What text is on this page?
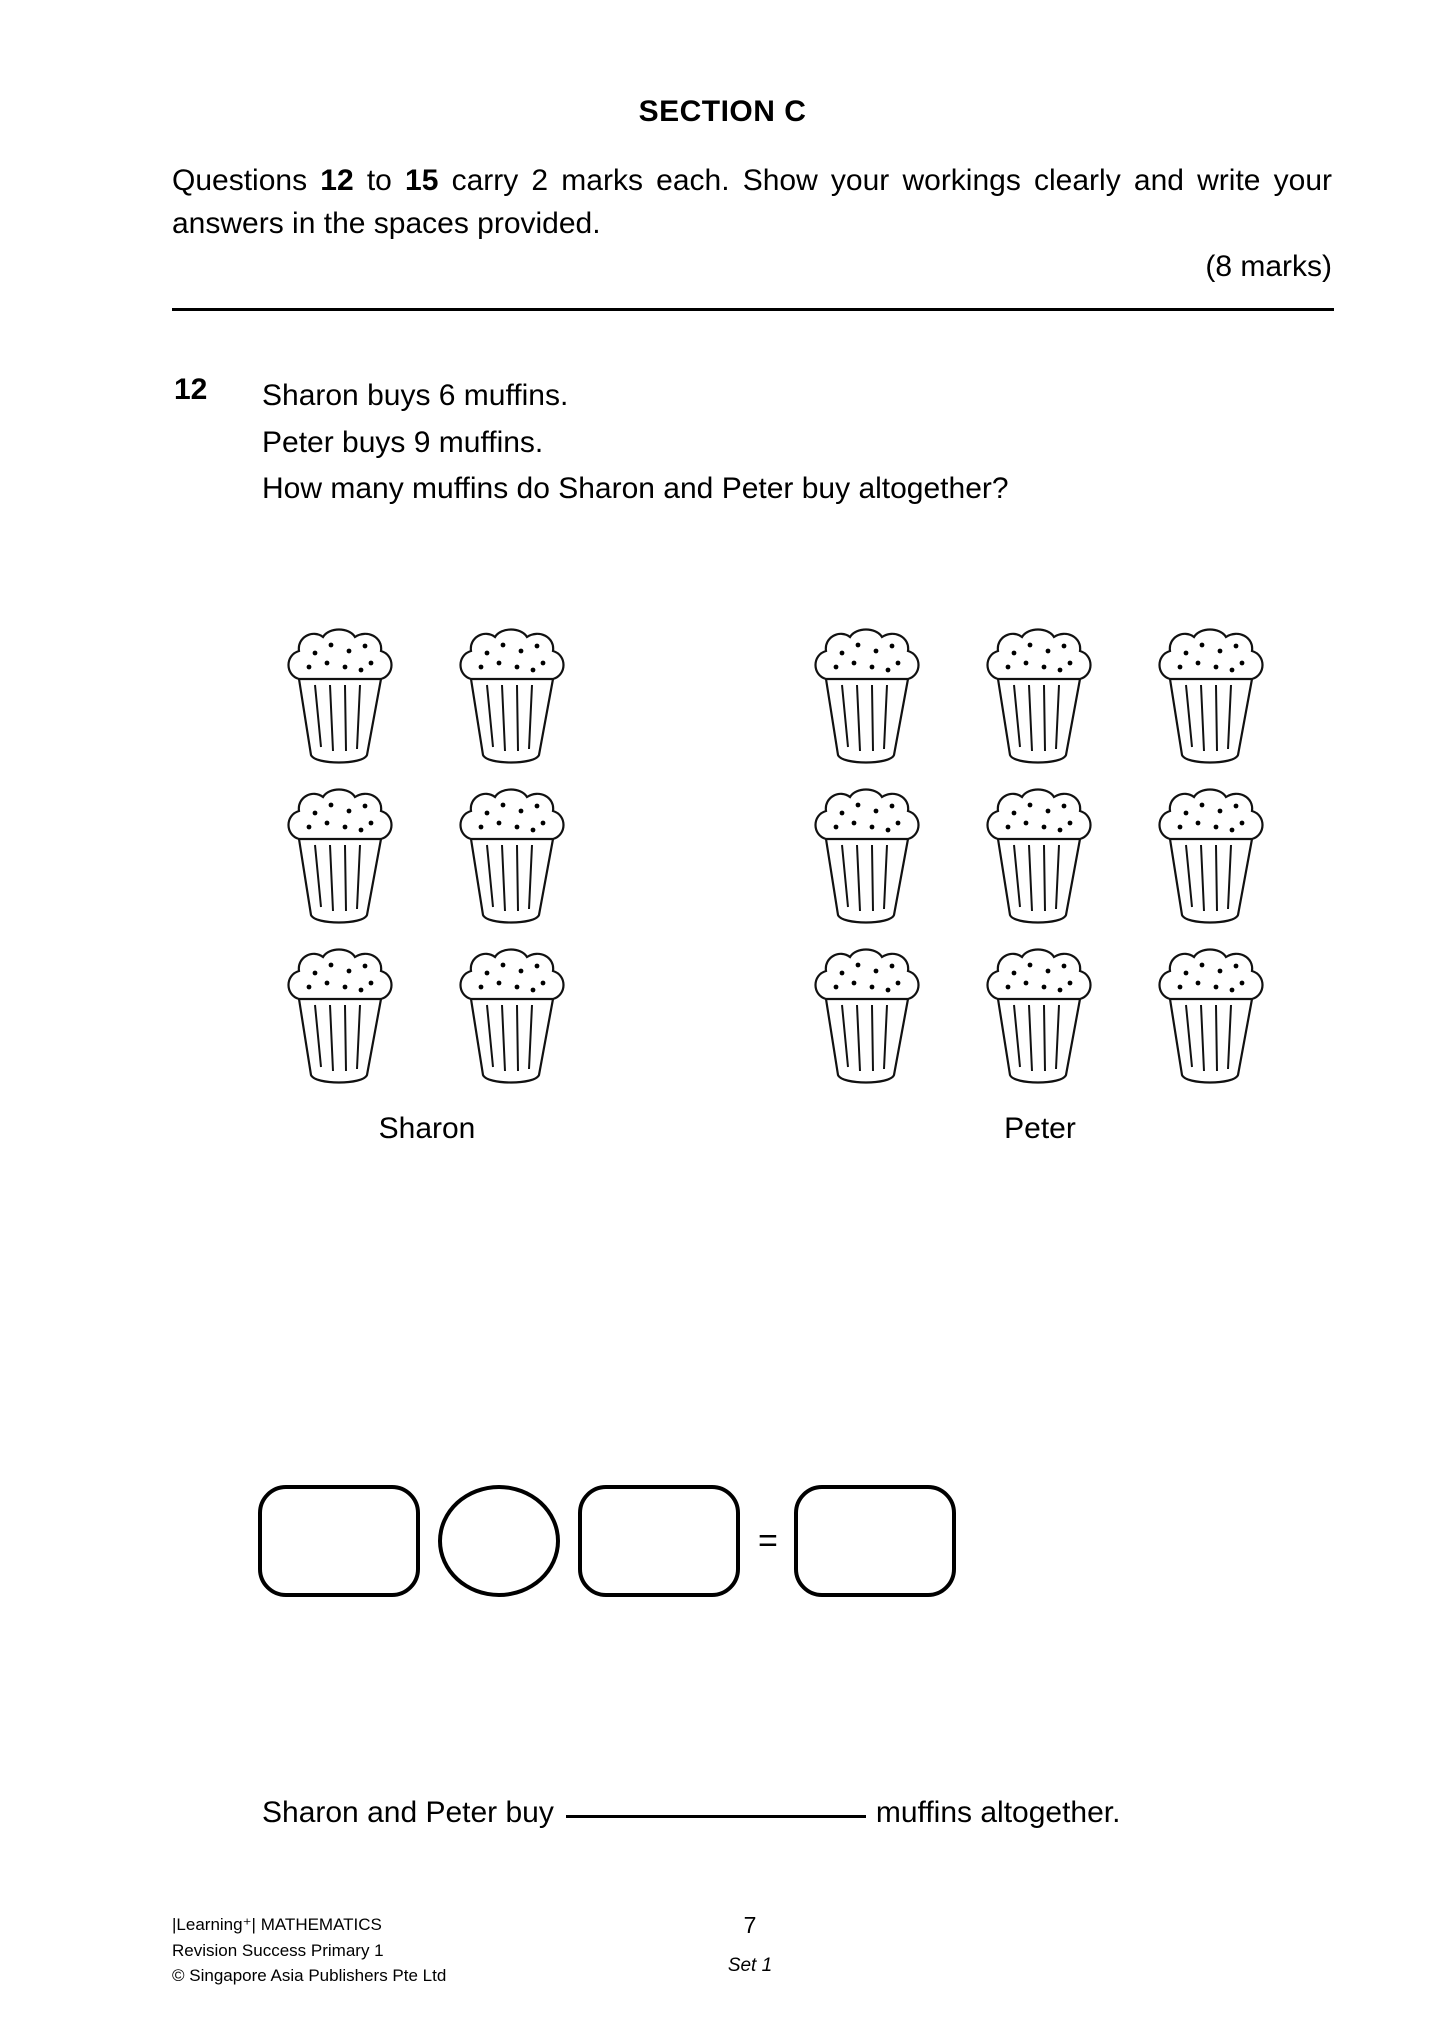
SECTION C
Questions 12 to 15 carry 2 marks each. Show your workings clearly and write your answers in the spaces provided.
(8 marks)
12 Sharon buys 6 muffins.
Peter buys 9 muffins.
How many muffins do Sharon and Peter buy altogether?
Sharon	Peter
=
Sharon and Peter buy	muffins altogether.
|Learning⁺| MATHEMATICS
Revision Success Primary 1
© Singapore Asia Publishers Pte Ltd
7
Set 1
